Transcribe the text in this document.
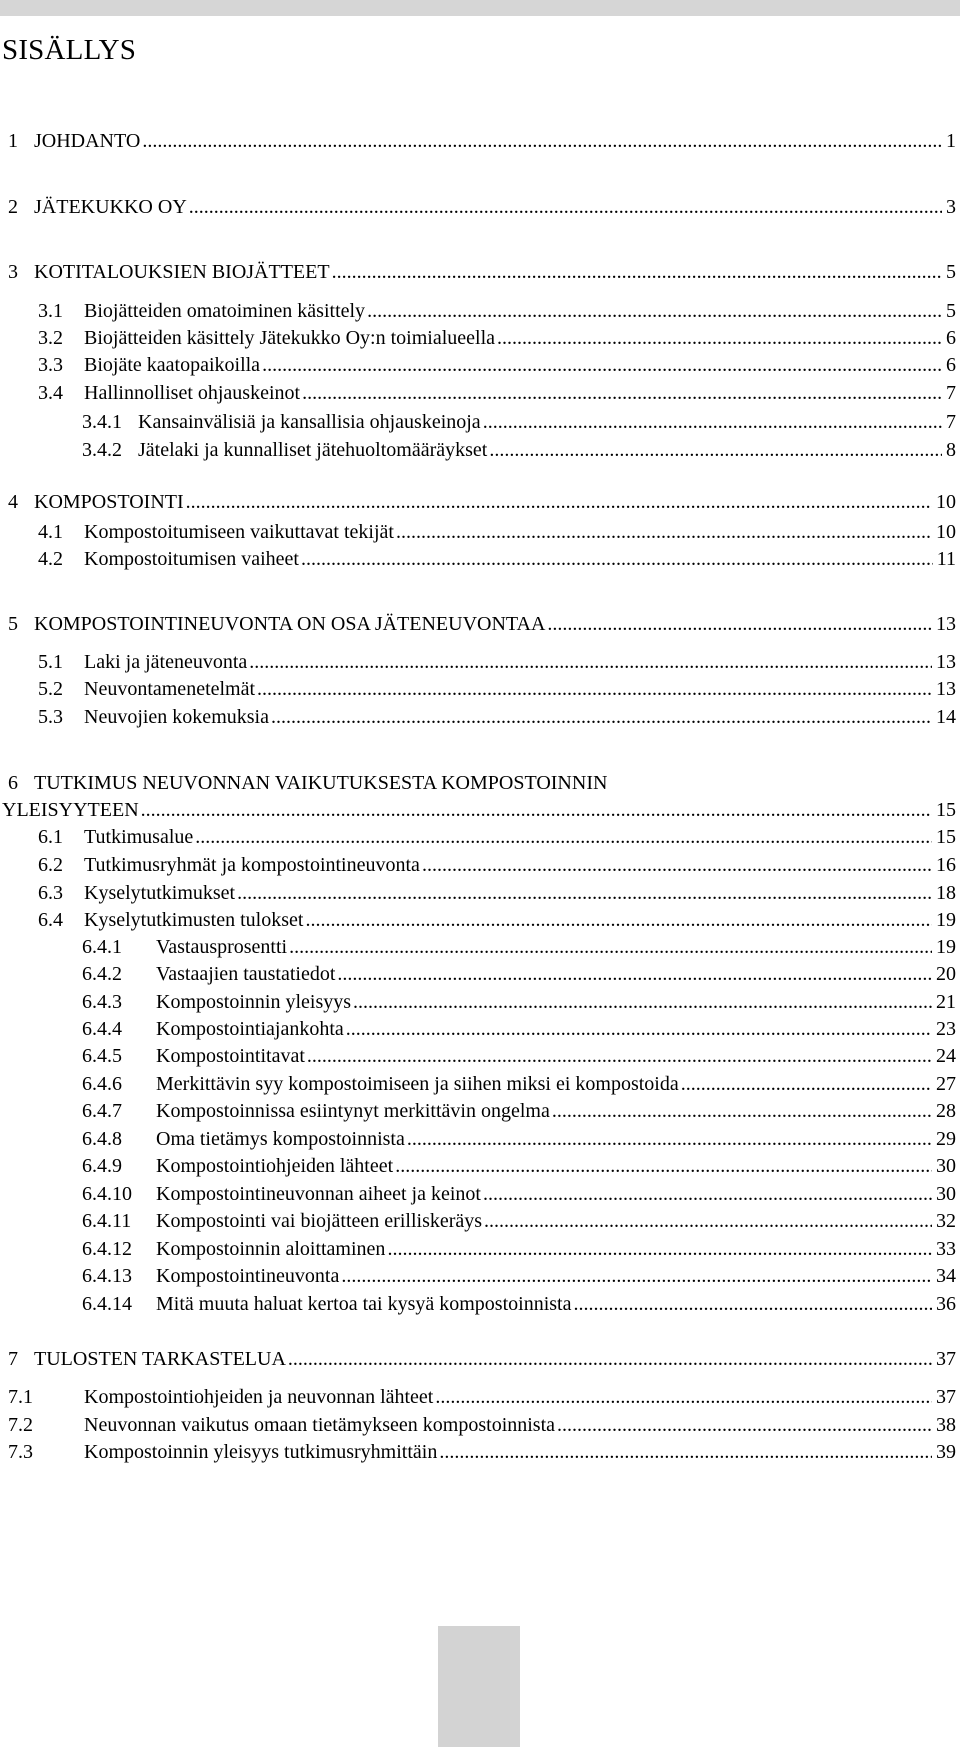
SISÄLLYS
1 JOHDANTO .....	1
2 JÄTEKUKKO OY .....	3
3 KOTITALOUKSIEN BIOJÄTTEET .....	5
3.1	Biojätteiden omatoiminen käsittely .....	5
3.2	Biojätteiden käsittely Jätekukko Oy:n toimialueella .....	6
3.3	Biojäte kaatopaikoilla .....	6
3.4	Hallinnolliset ohjauskeinot .....	7
3.4.1 Kansainvälisiä ja kansallisia ohjauskeinoja .....	7
3.4.2 Jätelaki ja kunnalliset jätehuoltomääräykset .....	8
4 KOMPOSTOINTI .....	10
4.1	Kompostoitumiseen vaikuttavat tekijät .....	10
4.2	Kompostoitumisen vaiheet .....	11
5 KOMPOSTOINTINEUVONTA ON OSA JÄTENEUVONTAA .....	13
5.1	Laki ja jäteneuvonta .....	13
5.2	Neuvontamenetelmät .....	13
5.3	Neuvojien kokemuksia .....	14
6 TUTKIMUS NEUVONNAN VAIKUTUKSESTA KOMPOSTOINNIN
YLEISYYTEEN .....	15
6.1	Tutkimusalue .....	15
6.2	Tutkimusryhmät ja kompostointineuvonta .....	16
6.3	Kyselytutkimukset .....	18
6.4	Kyselytutkimusten tulokset .....	19
6.4.1	Vastausprosentti .....	19
6.4.2	Vastaajien taustatiedot .....	20
6.4.3	Kompostoinnin yleisyys .....	21
6.4.4	Kompostointiajankohta .....	23
6.4.5	Kompostointitavat .....	24
6.4.6	Merkittävin syy kompostoimiseen ja siihen miksi ei kompostoida .....	27
6.4.7	Kompostoinnissa esiintynyt merkittävin ongelma .....	28
6.4.8	Oma tietämys kompostoinnista .....	29
6.4.9	Kompostointiohjeiden lähteet .....	30
6.4.10	Kompostointineuvonnan aiheet ja keinot .....	30
6.4.11	Kompostointi vai biojätteen erilliskeräys .....	32
6.4.12	Kompostoinnin aloittaminen .....	33
6.4.13	Kompostointineuvonta .....	34
6.4.14	Mitä muuta haluat kertoa tai kysyä kompostoinnista .....	36
7 TULOSTEN TARKASTELUA .....	37
7.1	Kompostointiohjeiden ja neuvonnan lähteet .....	37
7.2	Neuvonnan vaikutus omaan tietämykseen kompostoinnista .....	38
7.3	Kompostoinnin yleisyys tutkimusryhmittäin .....	39
